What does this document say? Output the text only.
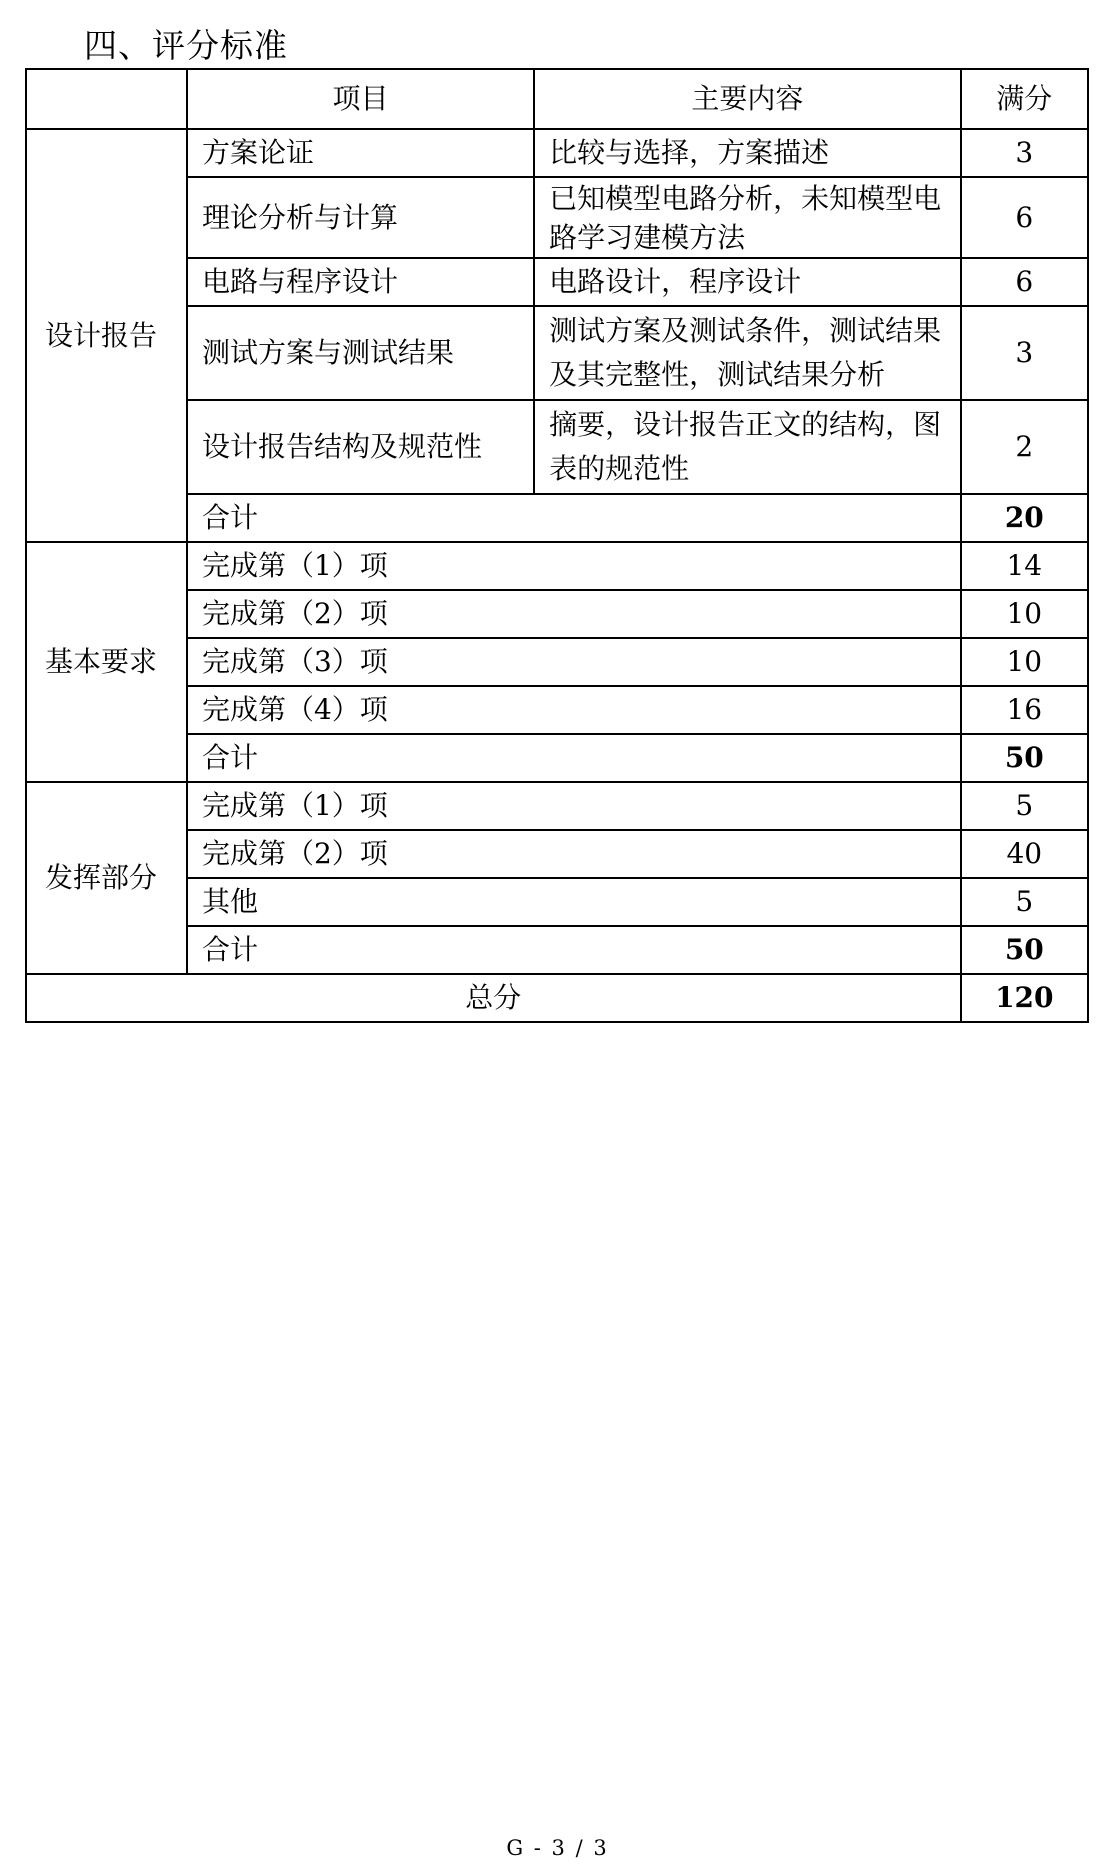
四、评分标准
	项目	主要内容	满分
设计报告	方案论证	比较与选择，方案描述	3
	理论分析与计算	已知模型电路分析，未知模型电路学习建模方法	6
	电路与程序设计	电路设计，程序设计	6
	测试方案与测试结果	测试方案及测试条件，测试结果及其完整性，测试结果分析	3
	设计报告结构及规范性	摘要，设计报告正文的结构，图表的规范性	2
	合计		20
基本要求	完成第（1）项		14
	完成第（2）项		10
	完成第（3）项		10
	完成第（4）项		16
	合计		50
发挥部分	完成第（1）项		5
	完成第（2）项		40
	其他		5
	合计		50
总分			120
G - 3 / 3
